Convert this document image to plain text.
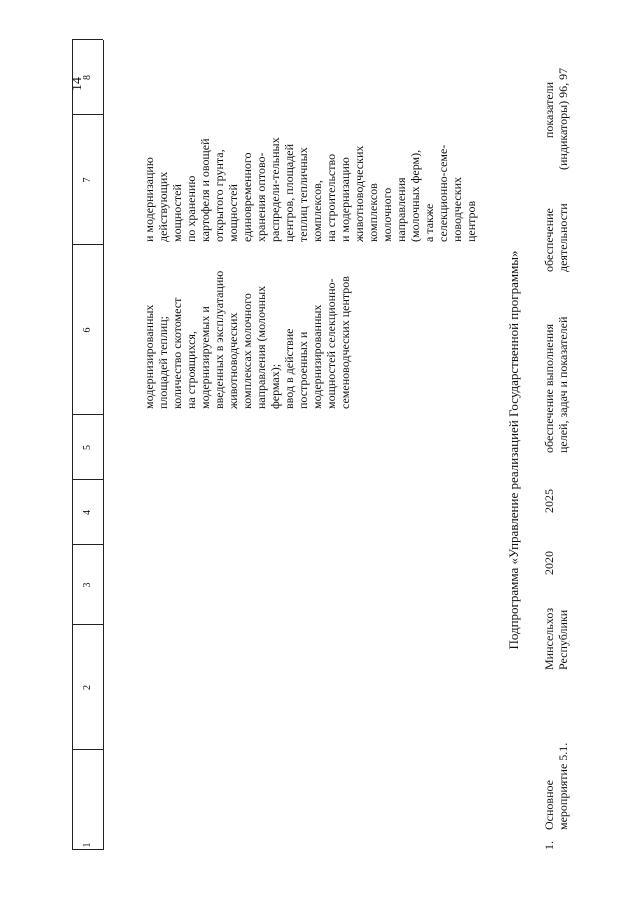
14
1
2
3
4
5
6
7
8
модернизированных площадей теплиц; количество скотомест на строящихся, модернизируемых и введенных в эксплуатацию животноводческих комплексах молочного направления (молочных фермах); ввод в действие построенных и модернизированных мощностей селекционно- семеноводческих центров
и модернизацию действующих мощностей по хранению картофеля и овощей открытого грунта, мощностей единовременного хранения оптово- распредели-тельных центров, площадей теплиц тепличных комплексов, на строительство и модернизацию животноводческих комплексов молочного направления (молочных ферм), а также селекционно-семе- новодческих центров
Подпрограмма «Управление реализацией Государственной программы»
1.
Основное мероприятие 5.1.
Минсельхоз Республики
2020
2025
обеспечение выполнения целей, задач и показателей
обеспечение деятельности
показатели (индикаторы) 96, 97
